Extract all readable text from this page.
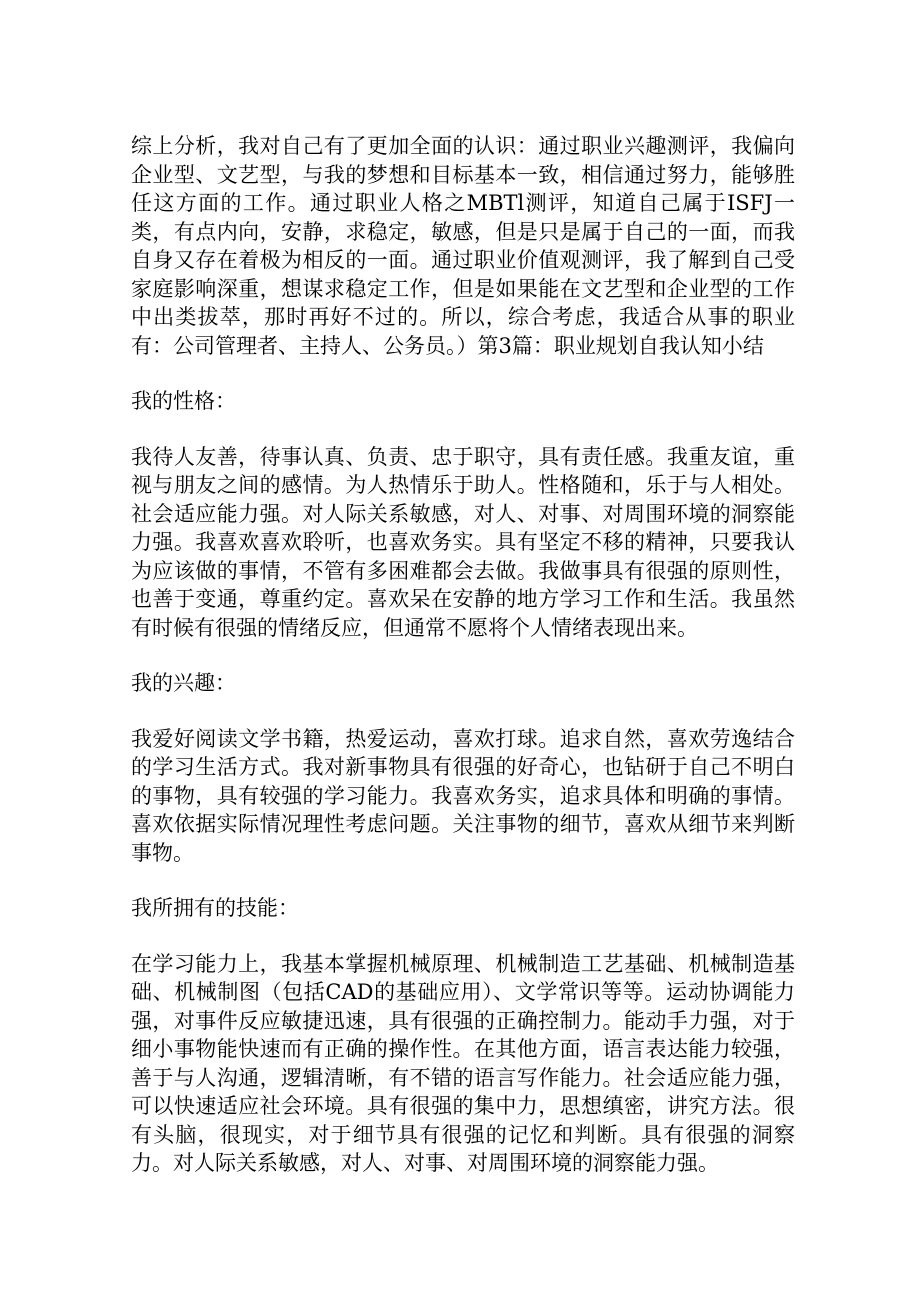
综上分析，我对自己有了更加全面的认识：通过职业兴趣测评，我偏向企业型、文艺型，与我的梦想和目标基本一致，相信通过努力，能够胜任这方面的工作。通过职业人格之MBTl测评，知道自己属于ISFJ一类，有点内向，安静，求稳定，敏感，但是只是属于自己的一面，而我自身又存在着极为相反的一面。通过职业价值观测评，我了解到自己受家庭影响深重，想谋求稳定工作，但是如果能在文艺型和企业型的工作中出类拔萃，那时再好不过的。所以，综合考虑，我适合从事的职业有：公司管理者、主持人、公务员。）第3篇：职业规划自我认知小结

我的性格：

我待人友善，待事认真、负责、忠于职守，具有责任感。我重友谊，重视与朋友之间的感情。为人热情乐于助人。性格随和，乐于与人相处。社会适应能力强。对人际关系敏感，对人、对事、对周围环境的洞察能力强。我喜欢喜欢聆听，也喜欢务实。具有坚定不移的精神，只要我认为应该做的事情，不管有多困难都会去做。我做事具有很强的原则性，也善于变通，尊重约定。喜欢呆在安静的地方学习工作和生活。我虽然有时候有很强的情绪反应，但通常不愿将个人情绪表现出来。

我的兴趣：

我爱好阅读文学书籍，热爱运动，喜欢打球。追求自然，喜欢劳逸结合的学习生活方式。我对新事物具有很强的好奇心，也钻研于自己不明白的事物，具有较强的学习能力。我喜欢务实，追求具体和明确的事情。喜欢依据实际情况理性考虑问题。关注事物的细节，喜欢从细节来判断事物。

我所拥有的技能：

在学习能力上，我基本掌握机械原理、机械制造工艺基础、机械制造基础、机械制图（包括CAD的基础应用）、文学常识等等。运动协调能力强，对事件反应敏捷迅速，具有很强的正确控制力。能动手力强，对于细小事物能快速而有正确的操作性。在其他方面，语言表达能力较强，善于与人沟通，逻辑清晰，有不错的语言写作能力。社会适应能力强，可以快速适应社会环境。具有很强的集中力，思想缜密，讲究方法。很有头脑，很现实，对于细节具有很强的记忆和判断。具有很强的洞察力。对人际关系敏感，对人、对事、对周围环境的洞察能力强。
